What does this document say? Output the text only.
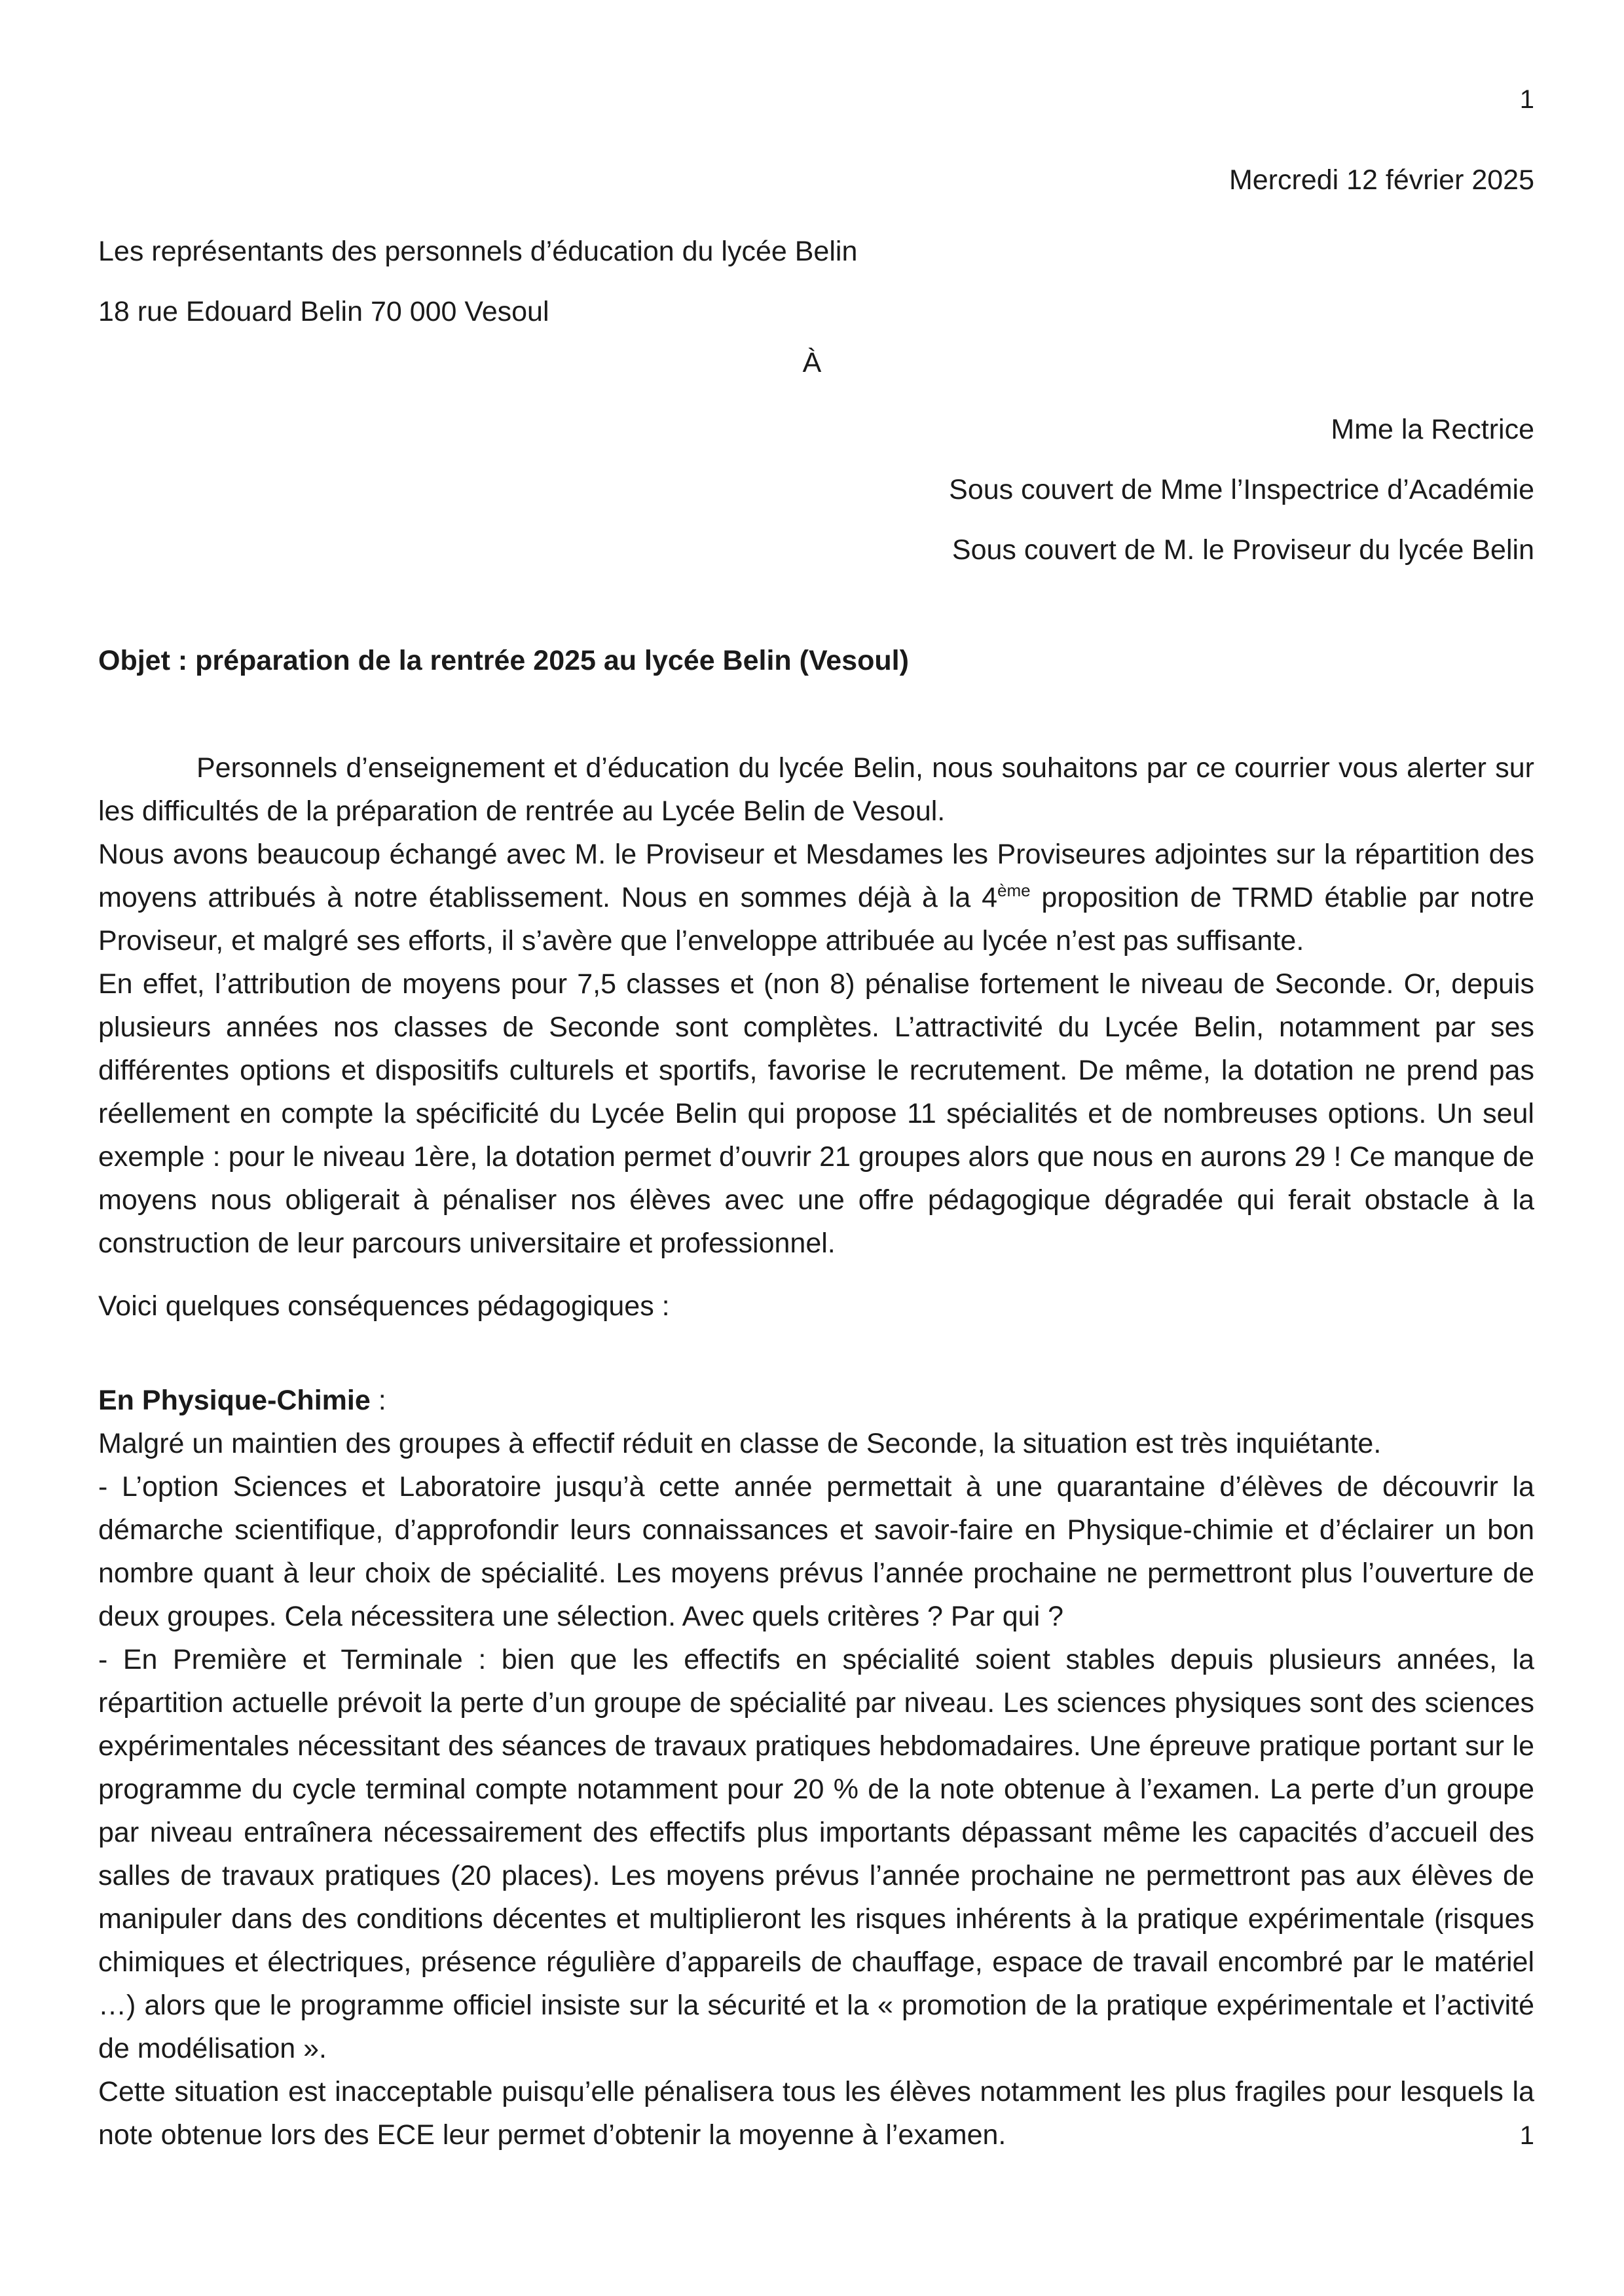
1
Mercredi 12 février 2025
Les représentants des personnels d’éducation du lycée Belin
18 rue Edouard Belin 70 000 Vesoul
À
Mme la Rectrice
Sous couvert de Mme l’Inspectrice d’Académie
Sous couvert de M. le Proviseur du lycée Belin
Objet : préparation de la rentrée 2025 au lycée Belin (Vesoul)

Personnels d’enseignement et d’éducation du lycée Belin, nous souhaitons par ce courrier vous alerter sur les difficultés de la préparation de rentrée au Lycée Belin de Vesoul.

Nous avons beaucoup échangé avec M. le Proviseur et Mesdames les Proviseures adjointes sur la répartition des moyens attribués à notre établissement. Nous en sommes déjà à la 4ème proposition de TRMD établie par notre Proviseur, et malgré ses efforts, il s’avère que l’enveloppe attribuée au lycée n’est pas suffisante.

En effet, l’attribution de moyens pour 7,5 classes et (non 8) pénalise fortement le niveau de Seconde. Or, depuis plusieurs années nos classes de Seconde sont complètes. L’attractivité du Lycée Belin, notamment par ses différentes options et dispositifs culturels et sportifs, favorise le recrutement. De même, la dotation ne prend pas réellement en compte la spécificité du Lycée Belin qui propose 11 spécialités et de nombreuses options. Un seul exemple : pour le niveau 1ère, la dotation permet d’ouvrir 21 groupes alors que nous en aurons 29 ! Ce manque de moyens nous obligerait à pénaliser nos élèves avec une offre pédagogique dégradée qui ferait obstacle à la construction de leur parcours universitaire et professionnel.

Voici quelques conséquences pédagogiques :

En Physique-Chimie :

Malgré un maintien des groupes à effectif réduit en classe de Seconde, la situation est très inquiétante.

- L’option Sciences et Laboratoire jusqu’à cette année permettait à une quarantaine d’élèves de découvrir la démarche scientifique, d’approfondir leurs connaissances et savoir-faire en Physique-chimie et d’éclairer un bon nombre quant à leur choix de spécialité. Les moyens prévus l’année prochaine ne permettront plus l’ouverture de deux groupes. Cela nécessitera une sélection. Avec quels critères ? Par qui ?

- En Première et Terminale : bien que les effectifs en spécialité soient stables depuis plusieurs années, la répartition actuelle prévoit la perte d’un groupe de spécialité par niveau. Les sciences physiques sont des sciences expérimentales nécessitant des séances de travaux pratiques hebdomadaires. Une épreuve pratique portant sur le programme du cycle terminal compte notamment pour 20 % de la note obtenue à l’examen. La perte d’un groupe par niveau entraînera nécessairement des effectifs plus importants dépassant même les capacités d’accueil des salles de travaux pratiques (20 places). Les moyens prévus l’année prochaine ne permettront pas aux élèves de manipuler dans des conditions décentes et multiplieront les risques inhérents à la pratique expérimentale (risques chimiques et électriques, présence régulière d’appareils de chauffage, espace de travail encombré par le matériel …) alors que le programme officiel insiste sur la sécurité et la « promotion de la pratique expérimentale et l’activité de modélisation ».

Cette situation est inacceptable puisqu’elle pénalisera tous les élèves notamment les plus fragiles pour lesquels la note obtenue lors des ECE leur permet d’obtenir la moyenne à l’examen.	1
